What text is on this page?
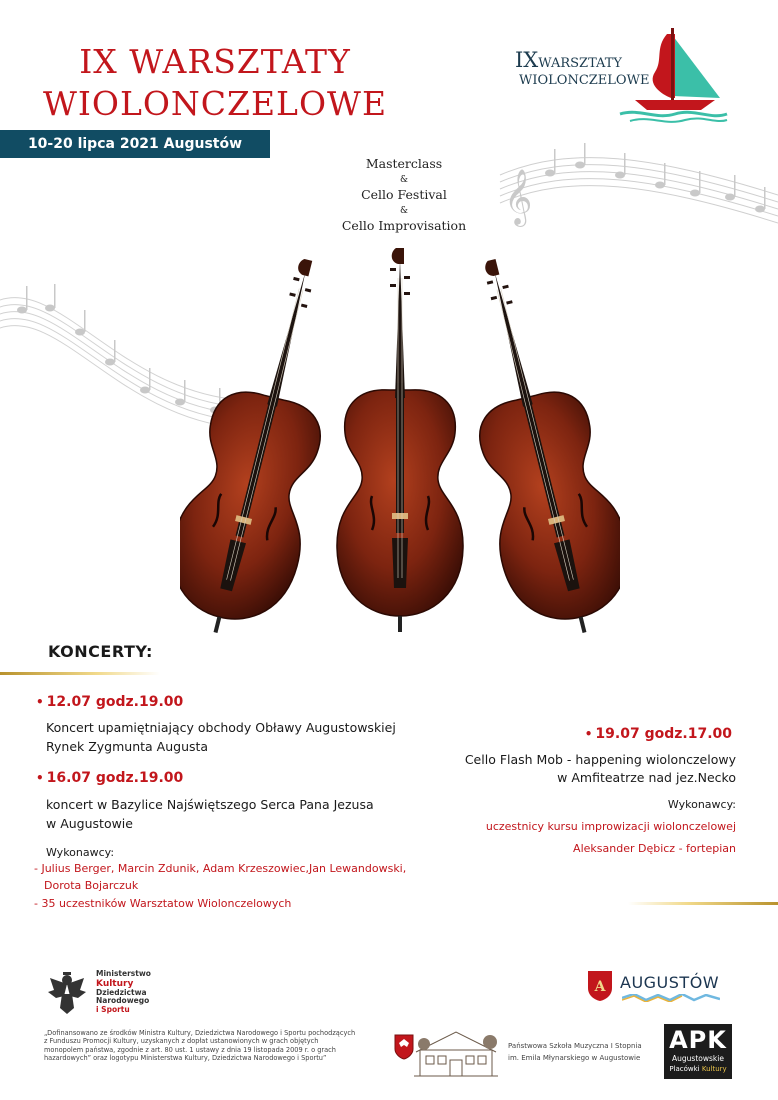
𝄞
IX WARSZTATY
WIOLONCZELOWE
10-20 lipca 2021 Augustów
IXWARSZTATY
WIOLONCZELOWE
Masterclass
&
Cello Festival
&
Cello Improvisation
KONCERTY:
• 12.07 godz.19.00
Koncert upamiętniający obchody Obławy Augustowskiej
Rynek Zygmunta Augusta
• 16.07 godz.19.00
koncert w Bazylice Najświętszego Serca Pana Jezusa
w Augustowie
Wykonawcy:
- Julius Berger, Marcin Zdunik, Adam Krzeszowiec,Jan Lewandowski,
Dorota Bojarczuk
- 35 uczestników Warsztatow Wiolonczelowych
• 19.07 godz.17.00
Cello Flash Mob - happening wiolonczelowy
w Amfiteatrze nad jez.Necko
Wykonawcy:
uczestnicy kursu improwizacji wiolonczelowej
Aleksander Dębicz - fortepian
Ministerstwo
Kultury
Dziedzictwa
Narodowego
i Sportu
„Dofinansowano ze środków Ministra Kultury, Dziedzictwa Narodowego i Sportu pochodzących z Funduszu Promocji Kultury, uzyskanych z dopłat ustanowionych w grach objętych monopolem państwa, zgodnie z art. 80 ust. 1 ustawy z dnia 19 listopada 2009 r. o grach hazardowych” oraz logotypu Ministerstwa Kultury, Dziedzictwa Narodowego i Sportu”
A AUGUSTÓW
Państwowa Szkoła Muzyczna I Stopnia
im. Emila Młynarskiego w Augustowie
APK
Augustowskie
Placówki Kultury
